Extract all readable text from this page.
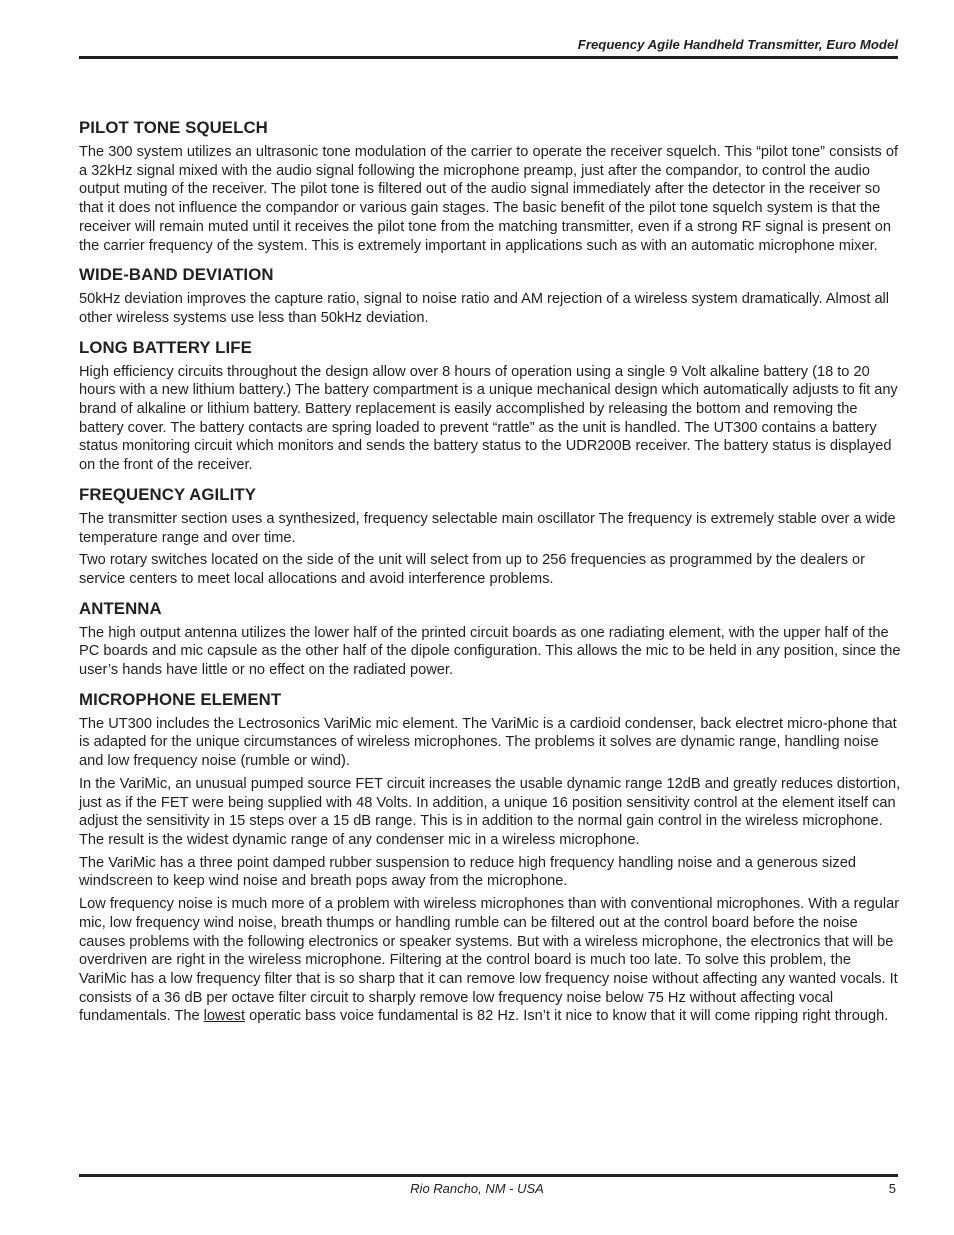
Frequency Agile Handheld Transmitter, Euro Model
PILOT TONE SQUELCH

The 300 system utilizes an ultrasonic tone modulation of the carrier to operate the receiver squelch. This “pilot tone” consists of a 32kHz signal mixed with the audio signal following the microphone preamp, just after the compandor, to control the audio output muting of the receiver. The pilot tone is filtered out of the audio signal immediately after the detector in the receiver so that it does not influence the compandor or various gain stages. The basic benefit of the pilot tone squelch system is that the receiver will remain muted until it receives the pilot tone from the matching transmitter, even if a strong RF signal is present on the carrier frequency of the system. This is extremely important in applications such as with an automatic microphone mixer.

WIDE-BAND DEVIATION

50kHz deviation improves the capture ratio, signal to noise ratio and AM rejection of a wireless system dramatically. Almost all other wireless systems use less than 50kHz deviation.

LONG BATTERY LIFE

High efficiency circuits throughout the design allow over 8 hours of operation using a single 9 Volt alkaline battery (18 to 20 hours with a new lithium battery.) The battery compartment is a unique mechanical design which automatically adjusts to fit any brand of alkaline or lithium battery. Battery replacement is easily accomplished by releasing the bottom and removing the battery cover. The battery contacts are spring loaded to prevent “rattle” as the unit is handled. The UT300 contains a battery status monitoring circuit which monitors and sends the battery status to the UDR200B receiver. The battery status is displayed on the front of the receiver.

FREQUENCY AGILITY

The transmitter section uses a synthesized, frequency selectable main oscillator The frequency is extremely stable over a wide temperature range and over time.

Two rotary switches located on the side of the unit will select from up to 256 frequencies as programmed by the dealers or service centers to meet local allocations and avoid interference problems.

ANTENNA

The high output antenna utilizes the lower half of the printed circuit boards as one radiating element, with the upper half of the PC boards and mic capsule as the other half of the dipole configuration. This allows the mic to be held in any position, since the user’s hands have little or no effect on the radiated power.

MICROPHONE ELEMENT

The UT300 includes the Lectrosonics VariMic mic element. The VariMic is a cardioid condenser, back electret micro-phone that is adapted for the unique circumstances of wireless microphones. The problems it solves are dynamic range, handling noise and low frequency noise (rumble or wind).

In the VariMic, an unusual pumped source FET circuit increases the usable dynamic range 12dB and greatly reduces distortion, just as if the FET were being supplied with 48 Volts. In addition, a unique 16 position sensitivity control at the element itself can adjust the sensitivity in 15 steps over a 15 dB range. This is in addition to the normal gain control in the wireless microphone. The result is the widest dynamic range of any condenser mic in a wireless microphone.

The VariMic has a three point damped rubber suspension to reduce high frequency handling noise and a generous sized windscreen to keep wind noise and breath pops away from the microphone.

Low frequency noise is much more of a problem with wireless microphones than with conventional microphones. With a regular mic, low frequency wind noise, breath thumps or handling rumble can be filtered out at the control board before the noise causes problems with the following electronics or speaker systems. But with a wireless microphone, the electronics that will be overdriven are right in the wireless microphone. Filtering at the control board is much too late. To solve this problem, the VariMic has a low frequency filter that is so sharp that it can remove low frequency noise without affecting any wanted vocals. It consists of a 36 dB per octave filter circuit to sharply remove low frequency noise below 75 Hz without affecting vocal fundamentals. The lowest operatic bass voice fundamental is 82 Hz. Isn’t it nice to know that it will come ripping right through.

Rio Rancho, NM - USA	5
